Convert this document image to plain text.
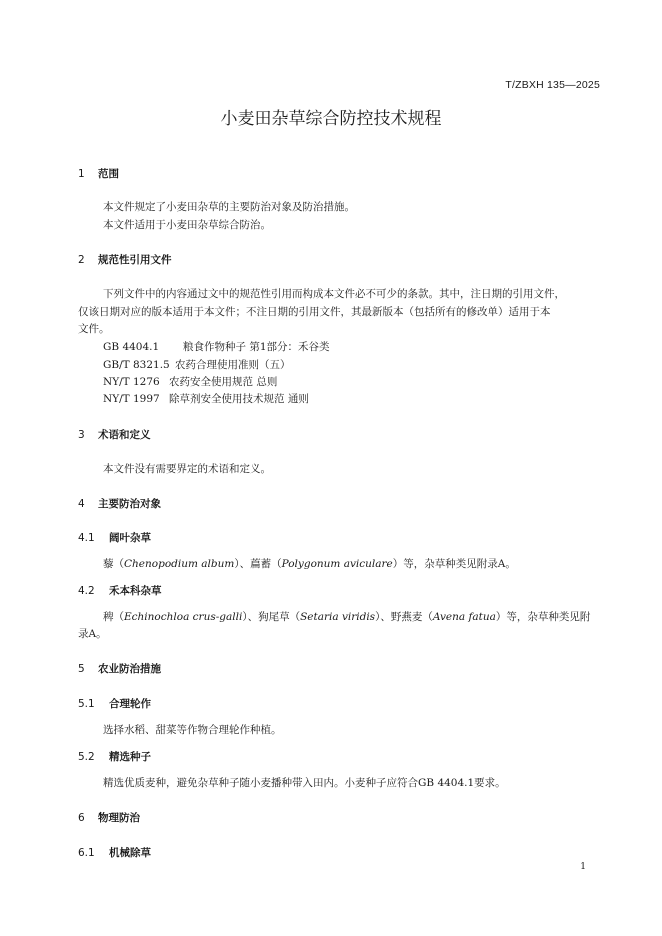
T/ZBXH 135—2025
小麦田杂草综合防控技术规程
1 范围
本文件规定了小麦田杂草的主要防治对象及防治措施。
本文件适用于小麦田杂草综合防治。
2 规范性引用文件
下列文件中的内容通过文中的规范性引用而构成本文件必不可少的条款。其中，注日期的引用文件，
仅该日期对应的版本适用于本文件；不注日期的引用文件，其最新版本（包括所有的修改单）适用于本
文件。
GB 4404.1 粮食作物种子 第1部分：禾谷类
GB/T 8321.5 农药合理使用准则（五）
NY/T 1276 农药安全使用规范 总则
NY/T 1997 除草剂安全使用技术规范 通则
3 术语和定义
本文件没有需要界定的术语和定义。
4 主要防治对象
4.1 阔叶杂草
藜（Chenopodium album）、萹蓄（Polygonum aviculare）等，杂草种类见附录A。
4.2 禾本科杂草
稗（Echinochloa crus-galli）、狗尾草（Setaria viridis）、野燕麦（Avena fatua）等，杂草种类见附
录A。
5 农业防治措施
5.1 合理轮作
选择水稻、甜菜等作物合理轮作种植。
5.2 精选种子
精选优质麦种，避免杂草种子随小麦播种带入田内。小麦种子应符合GB 4404.1要求。
6 物理防治
6.1 机械除草
1
